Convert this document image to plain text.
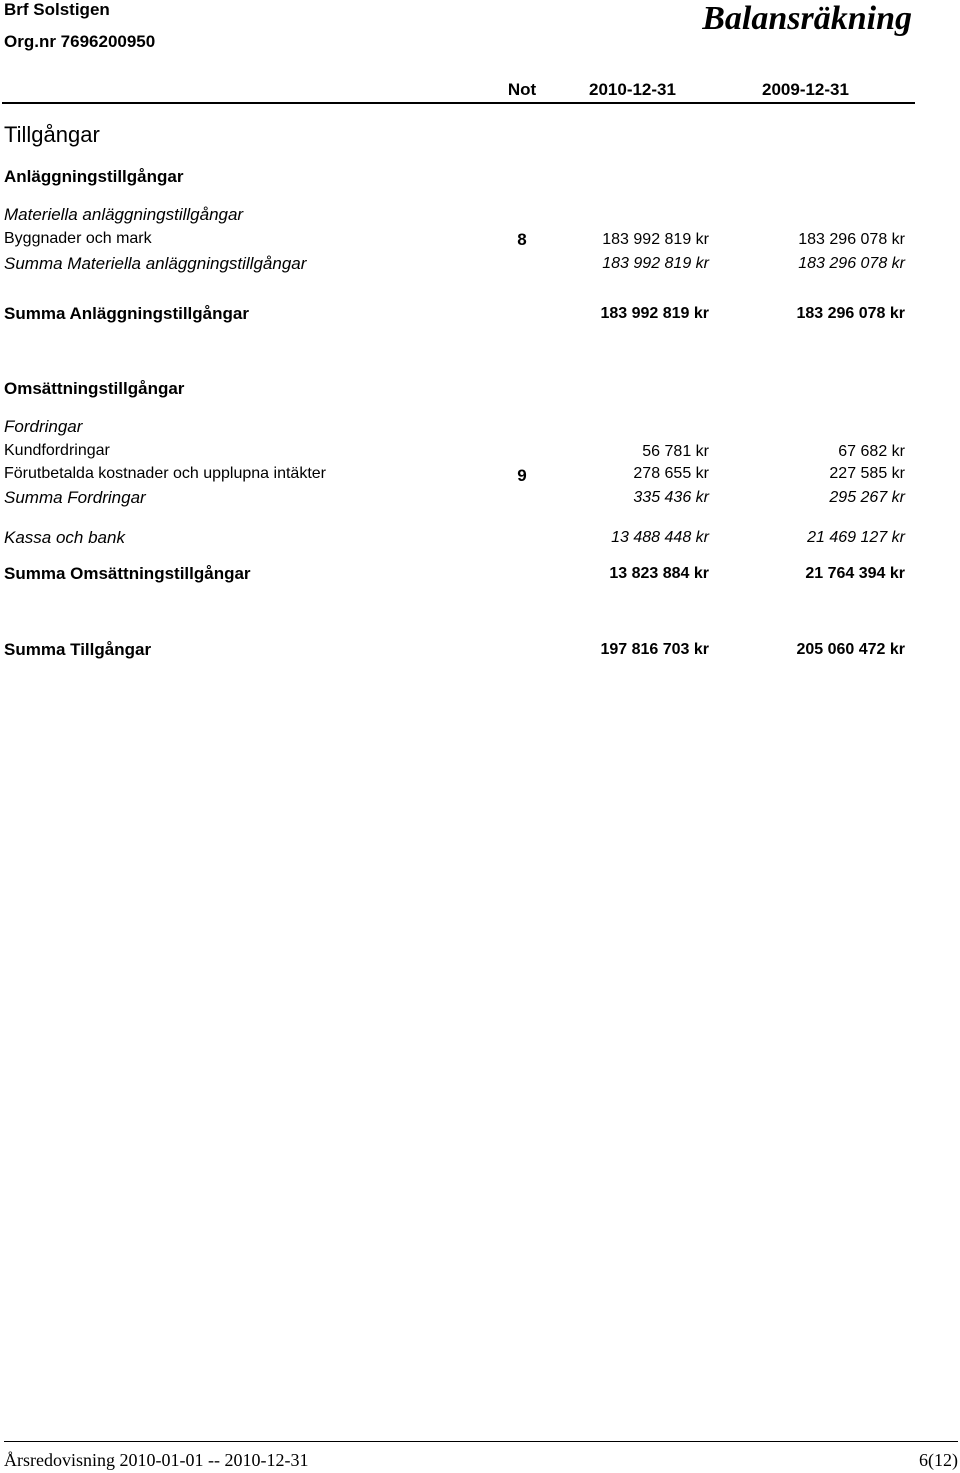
Brf Solstigen
Org.nr 7696200950
Balansräkning
Not	2010-12-31	2009-12-31
Tillgångar
Anläggningstillgångar
Materiella anläggningstillgångar
Byggnader och mark	8	183 992 819 kr	183 296 078 kr
Summa Materiella anläggningstillgångar	183 992 819 kr	183 296 078 kr
Summa Anläggningstillgångar	183 992 819 kr	183 296 078 kr
Omsättningstillgångar
Fordringar
Kundfordringar	56 781 kr	67 682 kr
Förutbetalda kostnader och upplupna intäkter	9	278 655 kr	227 585 kr
Summa Fordringar	335 436 kr	295 267 kr
Kassa och bank	13 488 448 kr	21 469 127 kr
Summa Omsättningstillgångar	13 823 884 kr	21 764 394 kr
Summa Tillgångar	197 816 703 kr	205 060 472 kr
Årsredovisning 2010-01-01 -- 2010-12-31	6(12)
